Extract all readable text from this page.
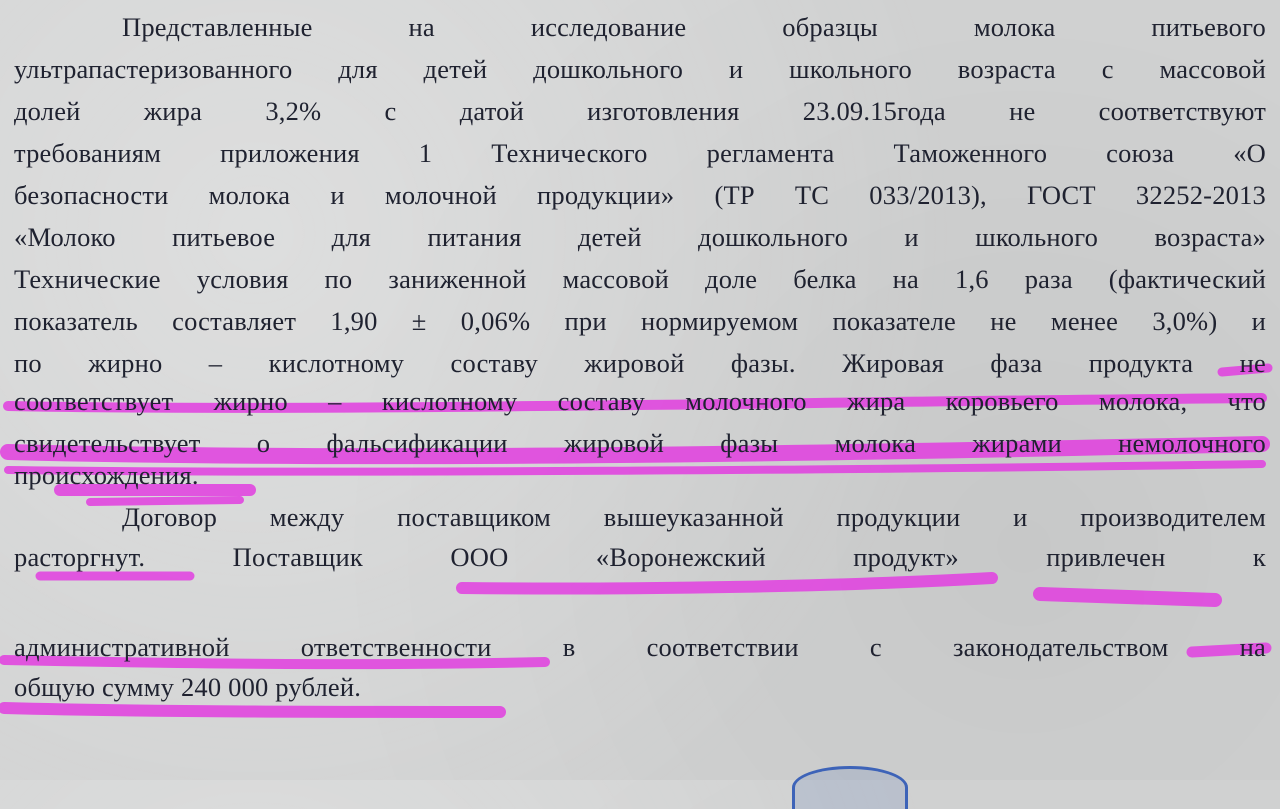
Представленные на исследование образцы молока питьевого
ультрапастеризованного для детей дошкольного и школьного возраста с массовой
долей жира 3,2% с датой изготовления 23.09.15года не соответствуют
требованиям приложения 1 Технического регламента Таможенного союза «О
безопасности молока и молочной продукции» (ТР ТС 033/2013), ГОСТ 32252-2013
«Молоко питьевое для питания детей дошкольного и школьного возраста»
Технические условия по заниженной массовой доле белка на 1,6 раза (фактический
показатель составляет 1,90 ± 0,06% при нормируемом показателе не менее 3,0%) и
по жирно – кислотному составу жировой фазы. Жировая фаза продукта не
соответствует жирно – кислотному составу молочного жира коровьего молока, что
свидетельствует о фальсификации жировой фазы молока жирами немолочного
происхождения.
Договор между поставщиком вышеуказанной продукции и производителем
расторгнут. Поставщик ООО «Воронежский продукт» привлечен к
административной ответственности в соответствии с законодательством на
общую сумму 240 000 рублей.
